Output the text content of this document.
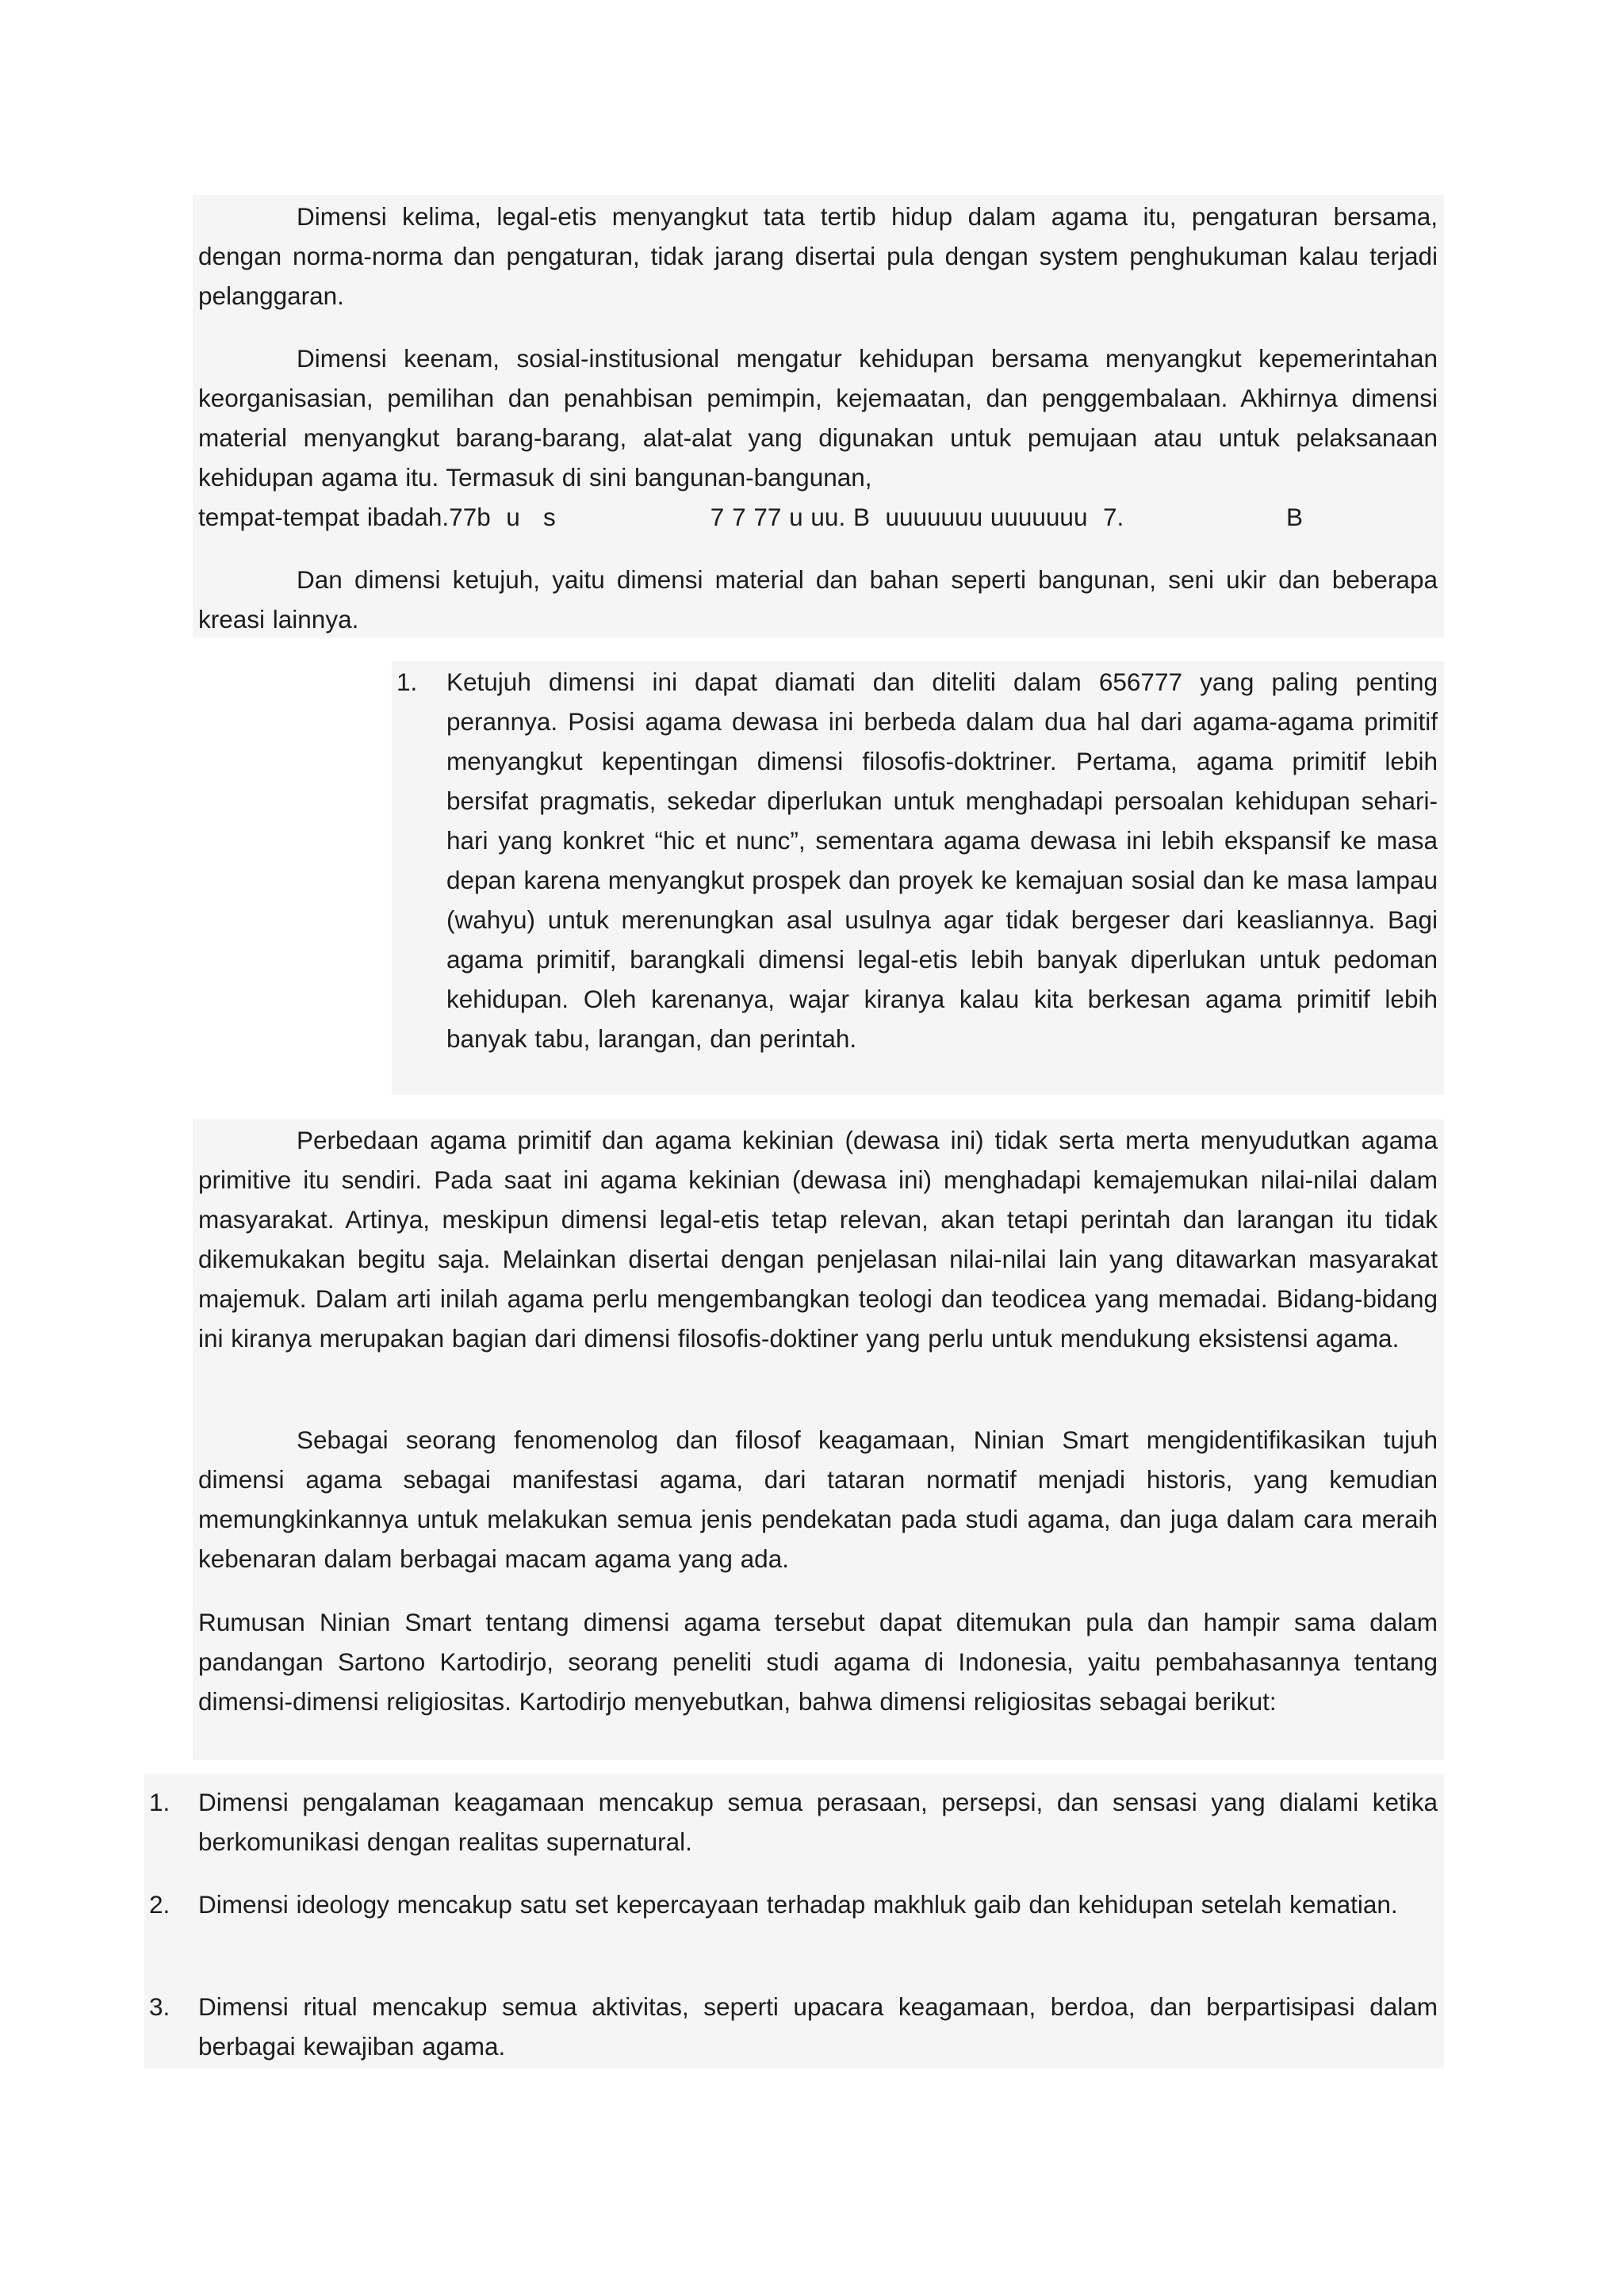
Dimensi kelima, legal-etis menyangkut tata tertib hidup dalam agama itu, pengaturan bersama, dengan norma-norma dan pengaturan, tidak jarang disertai pula dengan system penghukuman kalau terjadi pelanggaran.

Dimensi keenam, sosial-institusional mengatur kehidupan bersama menyangkut kepemerintahan keorganisasian, pemilihan dan penahbisan pemimpin, kejemaatan, dan penggembalaan. Akhirnya dimensi material menyangkut barang-barang, alat-alat yang digunakan untuk pemujaan atau untuk pelaksanaan kehidupan agama itu. Termasuk di sini bangunan-bangunan,

tempat-tempat ibadah.77b  u   s                    7 7 77 u uu. B  uuuuuuu uuuuuuu  7.                     B

Dan dimensi ketujuh, yaitu dimensi material dan bahan seperti bangunan, seni ukir dan beberapa kreasi lainnya.

1. Ketujuh dimensi ini dapat diamati dan diteliti dalam 656777 yang paling penting perannya. Posisi agama dewasa ini berbeda dalam dua hal dari agama-agama primitif menyangkut kepentingan dimensi filosofis-doktriner. Pertama, agama primitif lebih bersifat pragmatis, sekedar diperlukan untuk menghadapi persoalan kehidupan sehari-hari yang konkret “hic et nunc”, sementara agama dewasa ini lebih ekspansif ke masa depan karena menyangkut prospek dan proyek ke kemajuan sosial dan ke masa lampau (wahyu) untuk merenungkan asal usulnya agar tidak bergeser dari keasliannya. Bagi agama primitif, barangkali dimensi legal-etis lebih banyak diperlukan untuk pedoman kehidupan. Oleh karenanya, wajar kiranya kalau kita berkesan agama primitif lebih banyak tabu, larangan, dan perintah.

Perbedaan agama primitif dan agama kekinian (dewasa ini) tidak serta merta menyudutkan agama primitive itu sendiri. Pada saat ini agama kekinian (dewasa ini) menghadapi kemajemukan nilai-nilai dalam masyarakat. Artinya, meskipun dimensi legal-etis tetap relevan, akan tetapi perintah dan larangan itu tidak dikemukakan begitu saja. Melainkan disertai dengan penjelasan nilai-nilai lain yang ditawarkan masyarakat majemuk. Dalam arti inilah agama perlu mengembangkan teologi dan teodicea yang memadai. Bidang-bidang ini kiranya merupakan bagian dari dimensi filosofis-doktiner yang perlu untuk mendukung eksistensi agama.

Sebagai seorang fenomenolog dan filosof keagamaan, Ninian Smart mengidentifikasikan tujuh dimensi agama sebagai manifestasi agama, dari tataran normatif menjadi historis, yang kemudian memungkinkannya untuk melakukan semua jenis pendekatan pada studi agama, dan juga dalam cara meraih kebenaran dalam berbagai macam agama yang ada.

Rumusan Ninian Smart tentang dimensi agama tersebut dapat ditemukan pula dan hampir sama dalam pandangan Sartono Kartodirjo, seorang peneliti studi agama di Indonesia, yaitu pembahasannya tentang dimensi-dimensi religiositas. Kartodirjo menyebutkan, bahwa dimensi religiositas sebagai berikut:

1. Dimensi pengalaman keagamaan mencakup semua perasaan, persepsi, dan sensasi yang dialami ketika berkomunikasi dengan realitas supernatural.

2. Dimensi ideology mencakup satu set kepercayaan terhadap makhluk gaib dan kehidupan setelah kematian.

3. Dimensi ritual mencakup semua aktivitas, seperti upacara keagamaan, berdoa, dan berpartisipasi dalam berbagai kewajiban agama.
